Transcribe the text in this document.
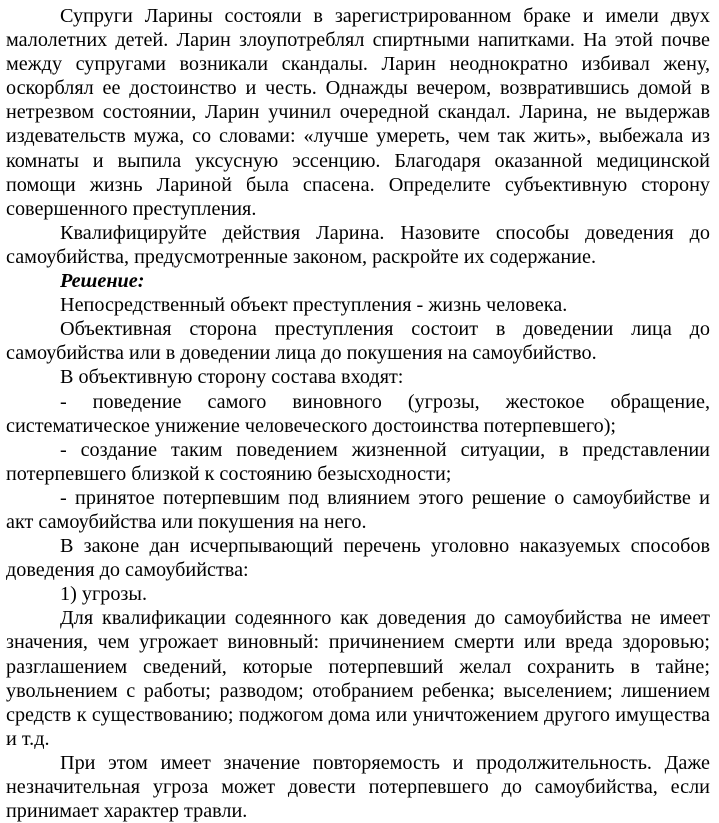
Супруги Ларины состояли в зарегистрированном браке и имели двух малолетних детей. Ларин злоупотреблял спиртными напитками. На этой почве между супругами возникали скандалы. Ларин неоднократно избивал жену, оскорблял ее достоинство и честь. Однажды вечером, возвратившись домой в нетрезвом состоянии, Ларин учинил очередной скандал. Ларина, не выдержав издевательств мужа, со словами: «лучше умереть, чем так жить», выбежала из комнаты и выпила уксусную эссенцию. Благодаря оказанной медицинской помощи жизнь Лариной была спасена. Определите субъективную сторону совершенного преступления.

Квалифицируйте действия Ларина. Назовите способы доведения до самоубийства, предусмотренные законом, раскройте их содержание.

Решение:

Непосредственный объект преступления - жизнь человека.

Объективная сторона преступления состоит в доведении лица до самоубийства или в доведении лица до покушения на самоубийство.

В объективную сторону состава входят:

- поведение самого виновного (угрозы, жестокое обращение, систематическое унижение человеческого достоинства потерпевшего);

- создание таким поведением жизненной ситуации, в представлении потерпевшего близкой к состоянию безысходности;

- принятое потерпевшим под влиянием этого решение о самоубийстве и акт самоубийства или покушения на него.

В законе дан исчерпывающий перечень уголовно наказуемых способов доведения до самоубийства:

1) угрозы.

Для квалификации содеянного как доведения до самоубийства не имеет значения, чем угрожает виновный: причинением смерти или вреда здоровью; разглашением сведений, которые потерпевший желал сохранить в тайне; увольнением с работы; разводом; отобранием ребенка; выселением; лишением средств к существованию; поджогом дома или уничтожением другого имущества и т.д.

При этом имеет значение повторяемость и продолжительность. Даже незначительная угроза может довести потерпевшего до самоубийства, если принимает характер травли.
